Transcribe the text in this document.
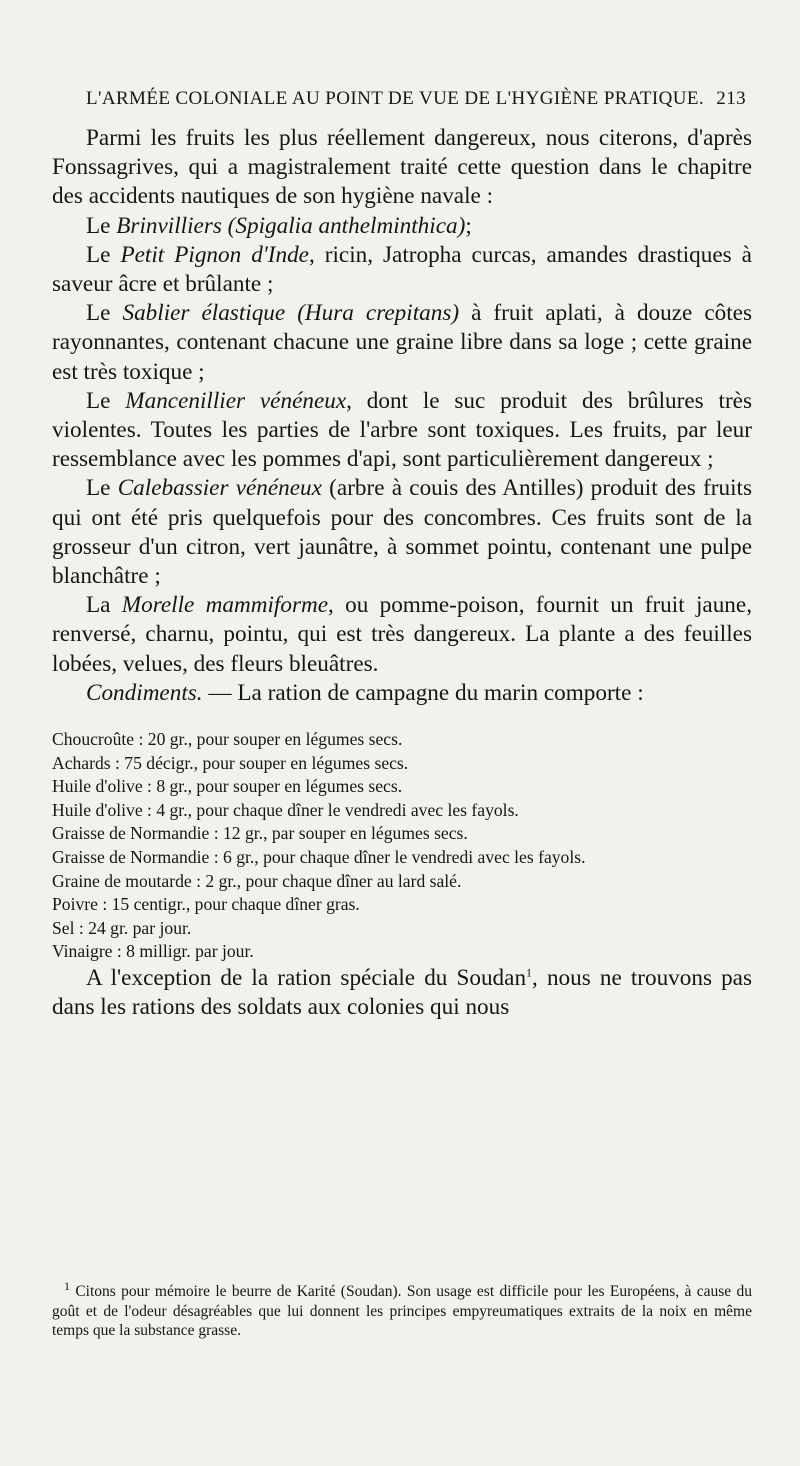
L'ARMÉE COLONIALE AU POINT DE VUE DE L'HYGIÈNE PRATIQUE. 213

Parmi les fruits les plus réellement dangereux, nous citerons, d'après Fonssagrives, qui a magistralement traité cette question dans le chapitre des accidents nautiques de son hygiène navale :

Le Brinvilliers (Spigalia anthelminthica);

Le Petit Pignon d'Inde, ricin, Jatropha curcas, amandes drastiques à saveur âcre et brûlante ;

Le Sablier élastique (Hura crepitans) à fruit aplati, à douze côtes rayonnantes, contenant chacune une graine libre dans sa loge ; cette graine est très toxique ;

Le Mancenillier vénéneux, dont le suc produit des brûlures très violentes. Toutes les parties de l'arbre sont toxiques. Les fruits, par leur ressemblance avec les pommes d'api, sont particulièrement dangereux ;

Le Calebassier vénéneux (arbre à couis des Antilles) produit des fruits qui ont été pris quelquefois pour des concombres. Ces fruits sont de la grosseur d'un citron, vert jaunâtre, à sommet pointu, contenant une pulpe blanchâtre ;

La Morelle mammiforme, ou pomme-poison, fournit un fruit jaune, renversé, charnu, pointu, qui est très dangereux. La plante a des feuilles lobées, velues, des fleurs bleuâtres.

Condiments. — La ration de campagne du marin comporte :

Choucroûte : 20 gr., pour souper en légumes secs.
Achards : 75 décigr., pour souper en légumes secs.
Huile d'olive : 8 gr., pour souper en légumes secs.
Huile d'olive : 4 gr., pour chaque dîner le vendredi avec les fayols.
Graisse de Normandie : 12 gr., par souper en légumes secs.
Graisse de Normandie : 6 gr., pour chaque dîner le vendredi avec les fayols.
Graine de moutarde : 2 gr., pour chaque dîner au lard salé.
Poivre : 15 centigr., pour chaque dîner gras.
Sel : 24 gr. par jour.
Vinaigre : 8 milligr. par jour.

A l'exception de la ration spéciale du Soudan$^1$, nous ne trouvons pas dans les rations des soldats aux colonies qui nous

$^1$ Citons pour mémoire le beurre de Karité (Soudan). Son usage est difficile pour les Européens, à cause du goût et de l'odeur désagréables que lui donnent les principes empyreumatiques extraits de la noix en même temps que la substance grasse.
